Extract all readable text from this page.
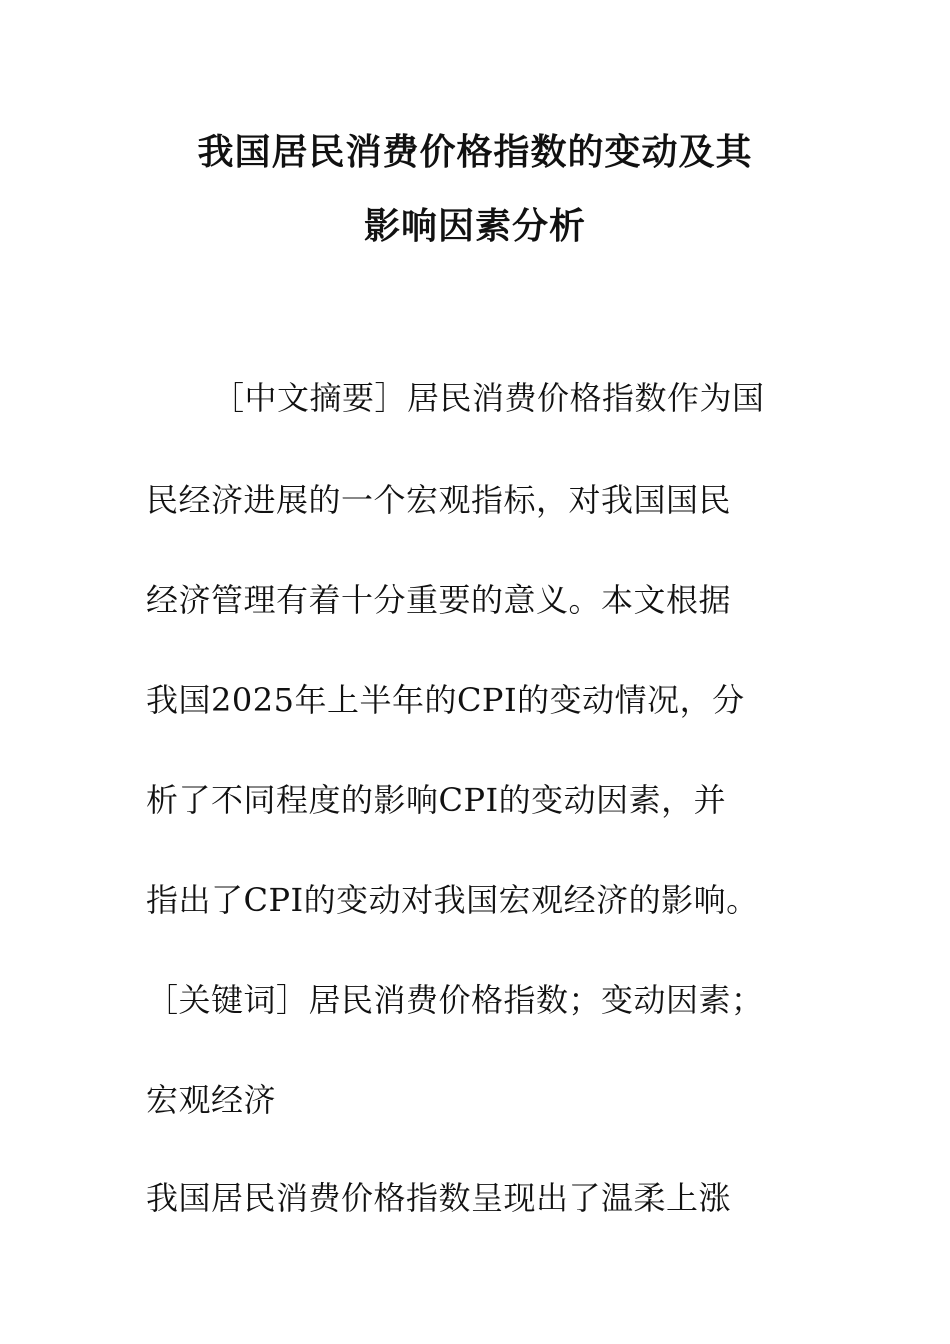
我国居民消费价格指数的变动及其
影响因素分析
［中文摘要］居民消费价格指数作为国
民经济进展的一个宏观指标，对我国国民
经济管理有着十分重要的意义。本文根据
我国2025年上半年的CPI的变动情况，分
析了不同程度的影响CPI的变动因素，并
指出了CPI的变动对我国宏观经济的影响。
［关键词］居民消费价格指数；变动因素；
宏观经济
我国居民消费价格指数呈现出了温柔上涨
